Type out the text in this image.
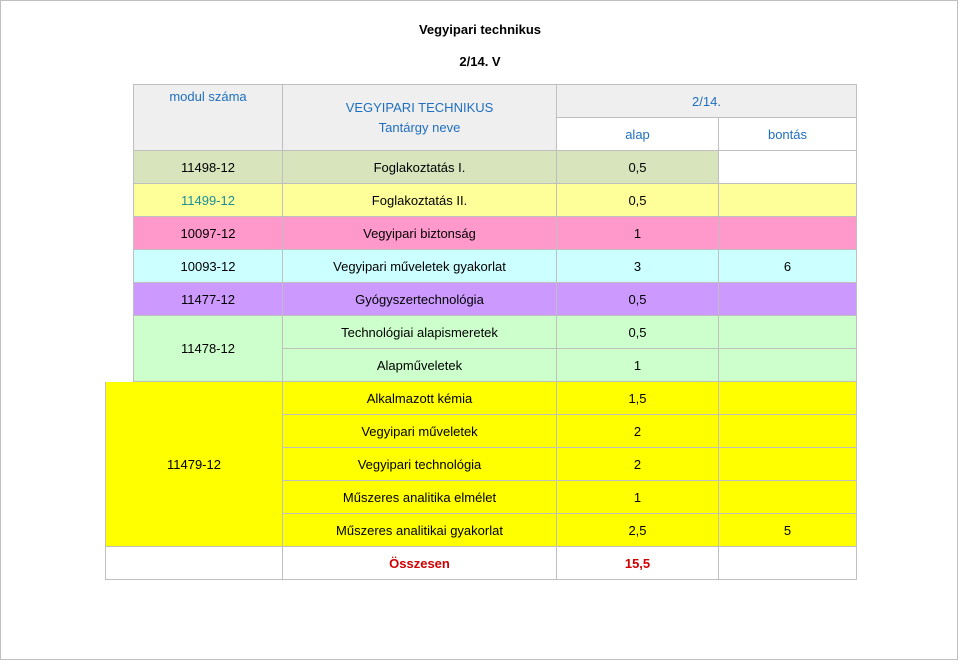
Vegyipari technikus
2/14. V
modul száma
VEGYIPARI TECHNIKUS
Tantárgy neve
2/14.
alap	bontás
11498-12	Foglakoztatás I.	0,5
11499-12	Foglakoztatás II.	0,5
10097-12	Vegyipari biztonság	1
10093-12	Vegyipari műveletek gyakorlat	3	6
11477-12	Gyógyszertechnológia	0,5
11478-12
Technológiai alapismeretek	0,5
Alapműveletek	1
11479-12
Alkalmazott kémia	1,5
Vegyipari műveletek	2
Vegyipari technológia	2
Műszeres analitika elmélet	1
Műszeres analitikai gyakorlat	2,5	5
Összesen	15,5
